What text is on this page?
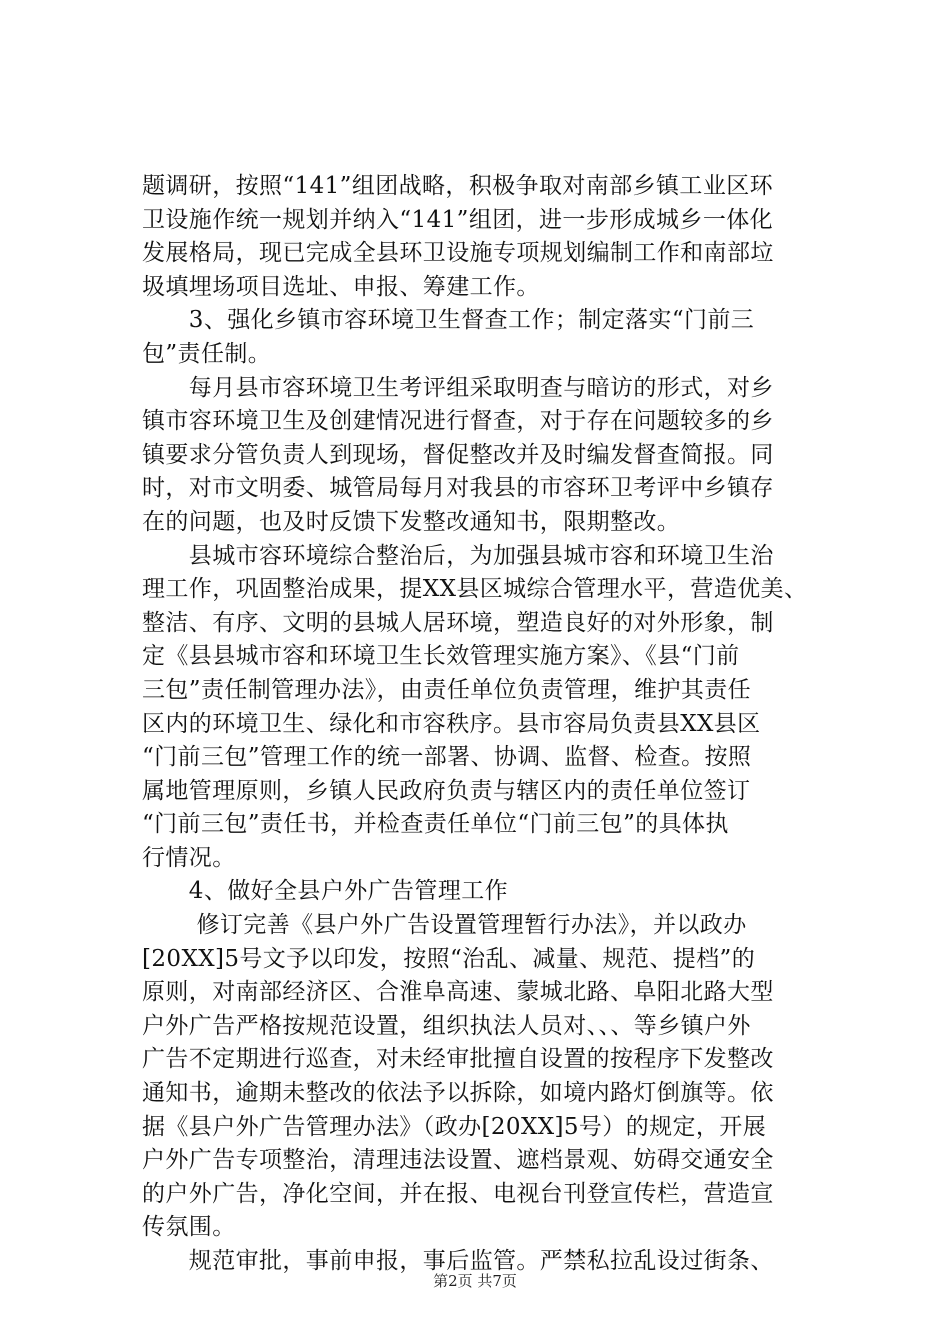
题调研，按照“141”组团战略，积极争取对南部乡镇工业区环
卫设施作统一规划并纳入“141”组团，进一步形成城乡一体化
发展格局，现已完成全县环卫设施专项规划编制工作和南部垃
圾填埋场项目选址、申报、筹建工作。
　　3、强化乡镇市容环境卫生督查工作；制定落实“门前三
包”责任制。
　　每月县市容环境卫生考评组采取明查与暗访的形式，对乡
镇市容环境卫生及创建情况进行督查，对于存在问题较多的乡
镇要求分管负责人到现场，督促整改并及时编发督查简报。同
时，对市文明委、城管局每月对我县的市容环卫考评中乡镇存
在的问题，也及时反馈下发整改通知书，限期整改。
　　县城市容环境综合整治后，为加强县城市容和环境卫生治
理工作，巩固整治成果，提XX县区城综合管理水平，营造优美、
整洁、有序、文明的县城人居环境，塑造良好的对外形象，制
定《县县城市容和环境卫生长效管理实施方案》、《县“门前
三包”责任制管理办法》，由责任单位负责管理，维护其责任
区内的环境卫生、绿化和市容秩序。县市容局负责县XX县区
“门前三包”管理工作的统一部署、协调、监督、检查。按照
属地管理原则，乡镇人民政府负责与辖区内的责任单位签订
“门前三包”责任书，并检查责任单位“门前三包”的具体执
行情况。
　　4、做好全县户外广告管理工作
　　 修订完善《县户外广告设置管理暂行办法》，并以政办
[20XX]5号文予以印发，按照“治乱、减量、规范、提档”的
原则，对南部经济区、合淮阜高速、蒙城北路、阜阳北路大型
户外广告严格按规范设置，组织执法人员对、、、等乡镇户外
广告不定期进行巡查，对未经审批擅自设置的按程序下发整改
通知书，逾期未整改的依法予以拆除，如境内路灯倒旗等。依
据《县户外广告管理办法》（政办[20XX]5号）的规定，开展
户外广告专项整治，清理违法设置、遮档景观、妨碍交通安全
的户外广告，净化空间，并在报、电视台刊登宣传栏，营造宣
传氛围。
　　规范审批，事前申报，事后监管。严禁私拉乱设过街条、
第2页 共7页
